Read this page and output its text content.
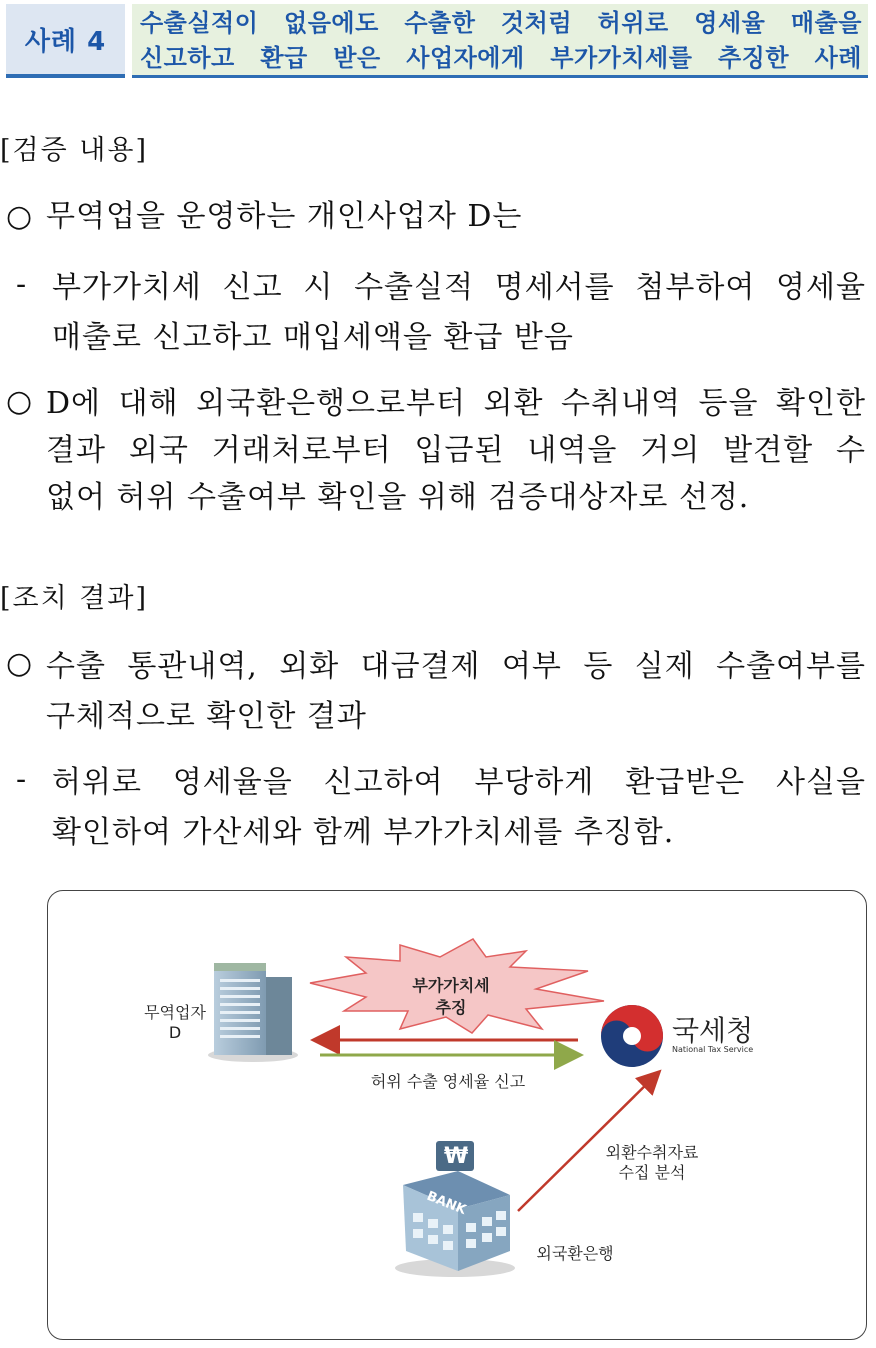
사례 4
수출실적이 없음에도 수출한 것처럼 허위로 영세율 매출을
신고하고 환급 받은 사업자에게 부가가치세를 추징한 사례
[검증 내용]
○ 무역업을 운영하는 개인사업자 D는
- 부가가치세 신고 시 수출실적 명세서를 첨부하여 영세율
매출로 신고하고 매입세액을 환급 받음
○ D에 대해 외국환은행으로부터 외환 수취내역 등을 확인한
결과 외국 거래처로부터 입금된 내역을 거의 발견할 수
없어 허위 수출여부 확인을 위해 검증대상자로 선정.
[조치 결과]
○ 수출 통관내역, 외화 대금결제 여부 등 실제 수출여부를
구체적으로 확인한 결과
- 허위로 영세율을 신고하여 부당하게 환급받은 사실을
확인하여 가산세와 함께 부가가치세를 추징함.
BANK
₩
무역업자
D
부가가치세
추징
국세청
National Tax Service
허위 수출 영세율 신고
외환수취자료
수집 분석
외국환은행
